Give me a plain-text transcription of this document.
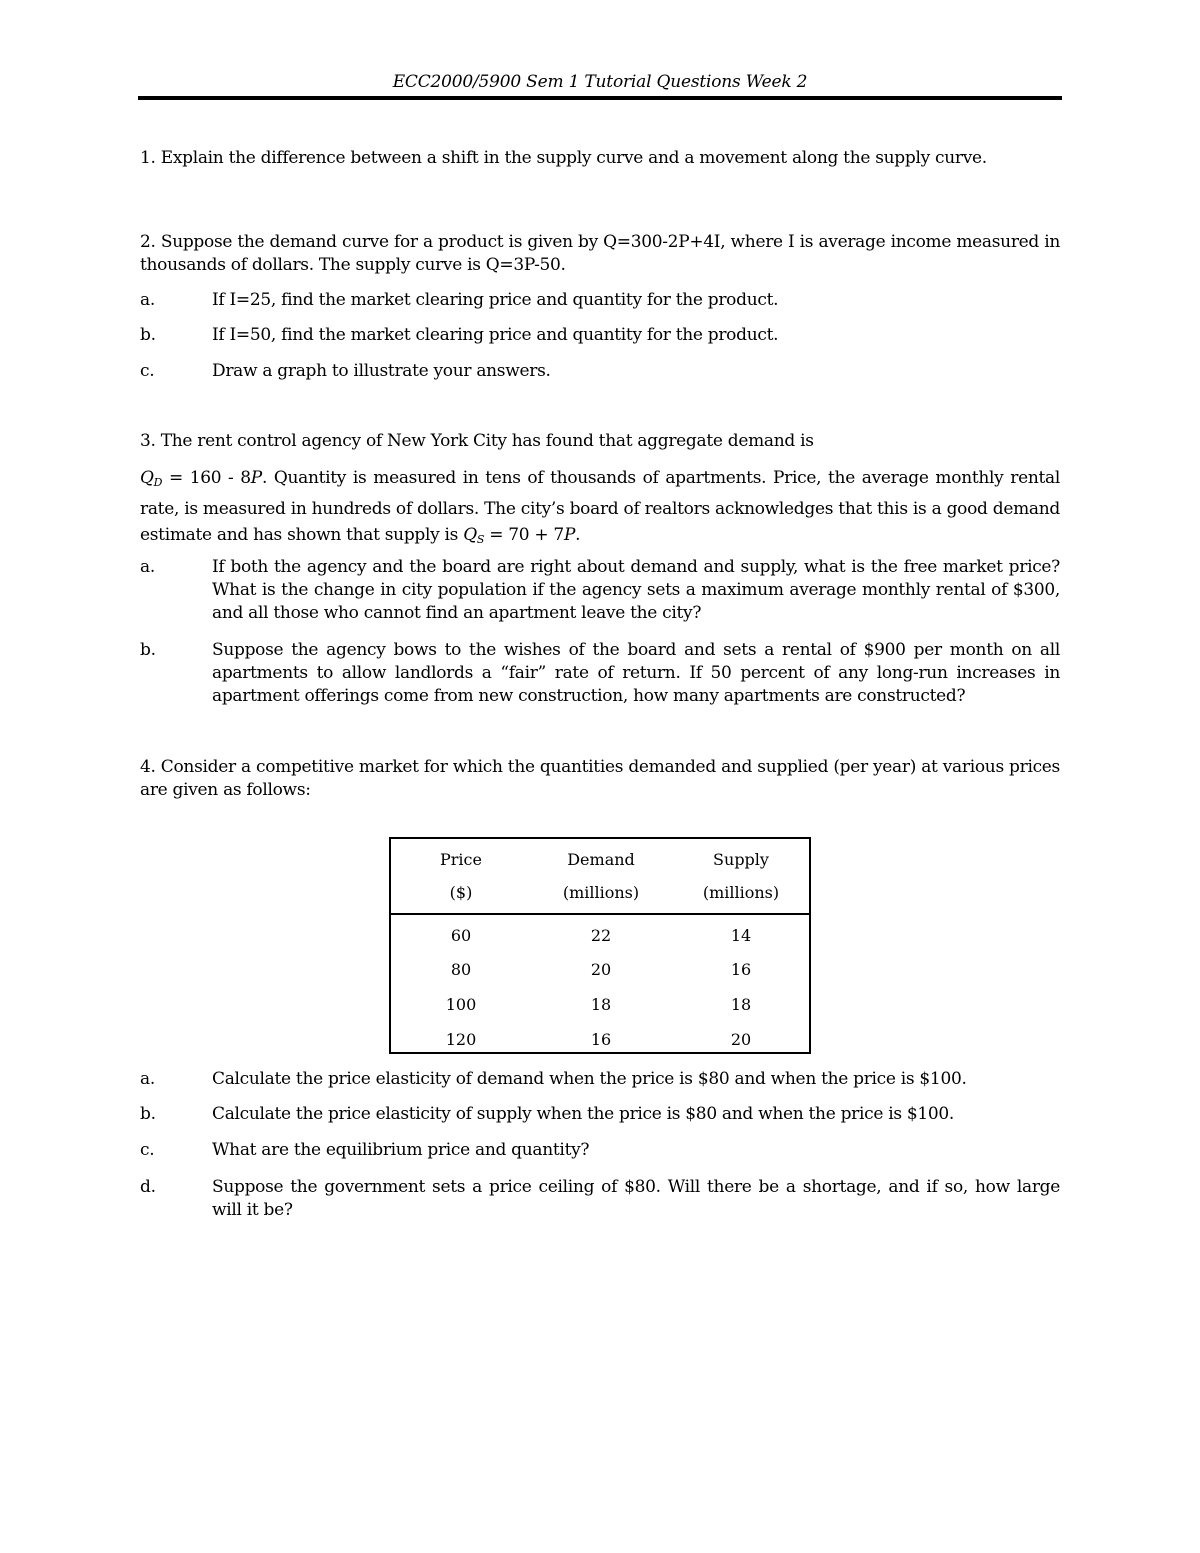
ECC2000/5900 Sem 1 Tutorial Questions Week 2
1. Explain the difference between a shift in the supply curve and a movement along the supply curve.
2. Suppose the demand curve for a product is given by Q=300-2P+4I, where I is average income measured in thousands of dollars. The supply curve is Q=3P-50.
a.	If I=25, find the market clearing price and quantity for the product.
b.	If I=50, find the market clearing price and quantity for the product.
c.	Draw a graph to illustrate your answers.
3. The rent control agency of New York City has found that aggregate demand is
$Q_D = 160 - 8P$. Quantity is measured in tens of thousands of apartments. Price, the average monthly rental rate, is measured in hundreds of dollars. The city’s board of realtors acknowledges that this is a good demand estimate and has shown that supply is $Q_S = 70 + 7P$.
a.	If both the agency and the board are right about demand and supply, what is the free market price? What is the change in city population if the agency sets a maximum average monthly rental of $300, and all those who cannot find an apartment leave the city?
b.	Suppose the agency bows to the wishes of the board and sets a rental of $900 per month on all apartments to allow landlords a “fair” rate of return. If 50 percent of any long-run increases in apartment offerings come from new construction, how many apartments are constructed?
4. Consider a competitive market for which the quantities demanded and supplied (per year) at various prices are given as follows:
Price	Demand	Supply
($)	(millions)	(millions)
60	22	14
80	20	16
100	18	18
120	16	20
a.	Calculate the price elasticity of demand when the price is $80 and when the price is $100.
b.	Calculate the price elasticity of supply when the price is $80 and when the price is $100.
c.	What are the equilibrium price and quantity?
d.	Suppose the government sets a price ceiling of $80. Will there be a shortage, and if so, how large will it be?
